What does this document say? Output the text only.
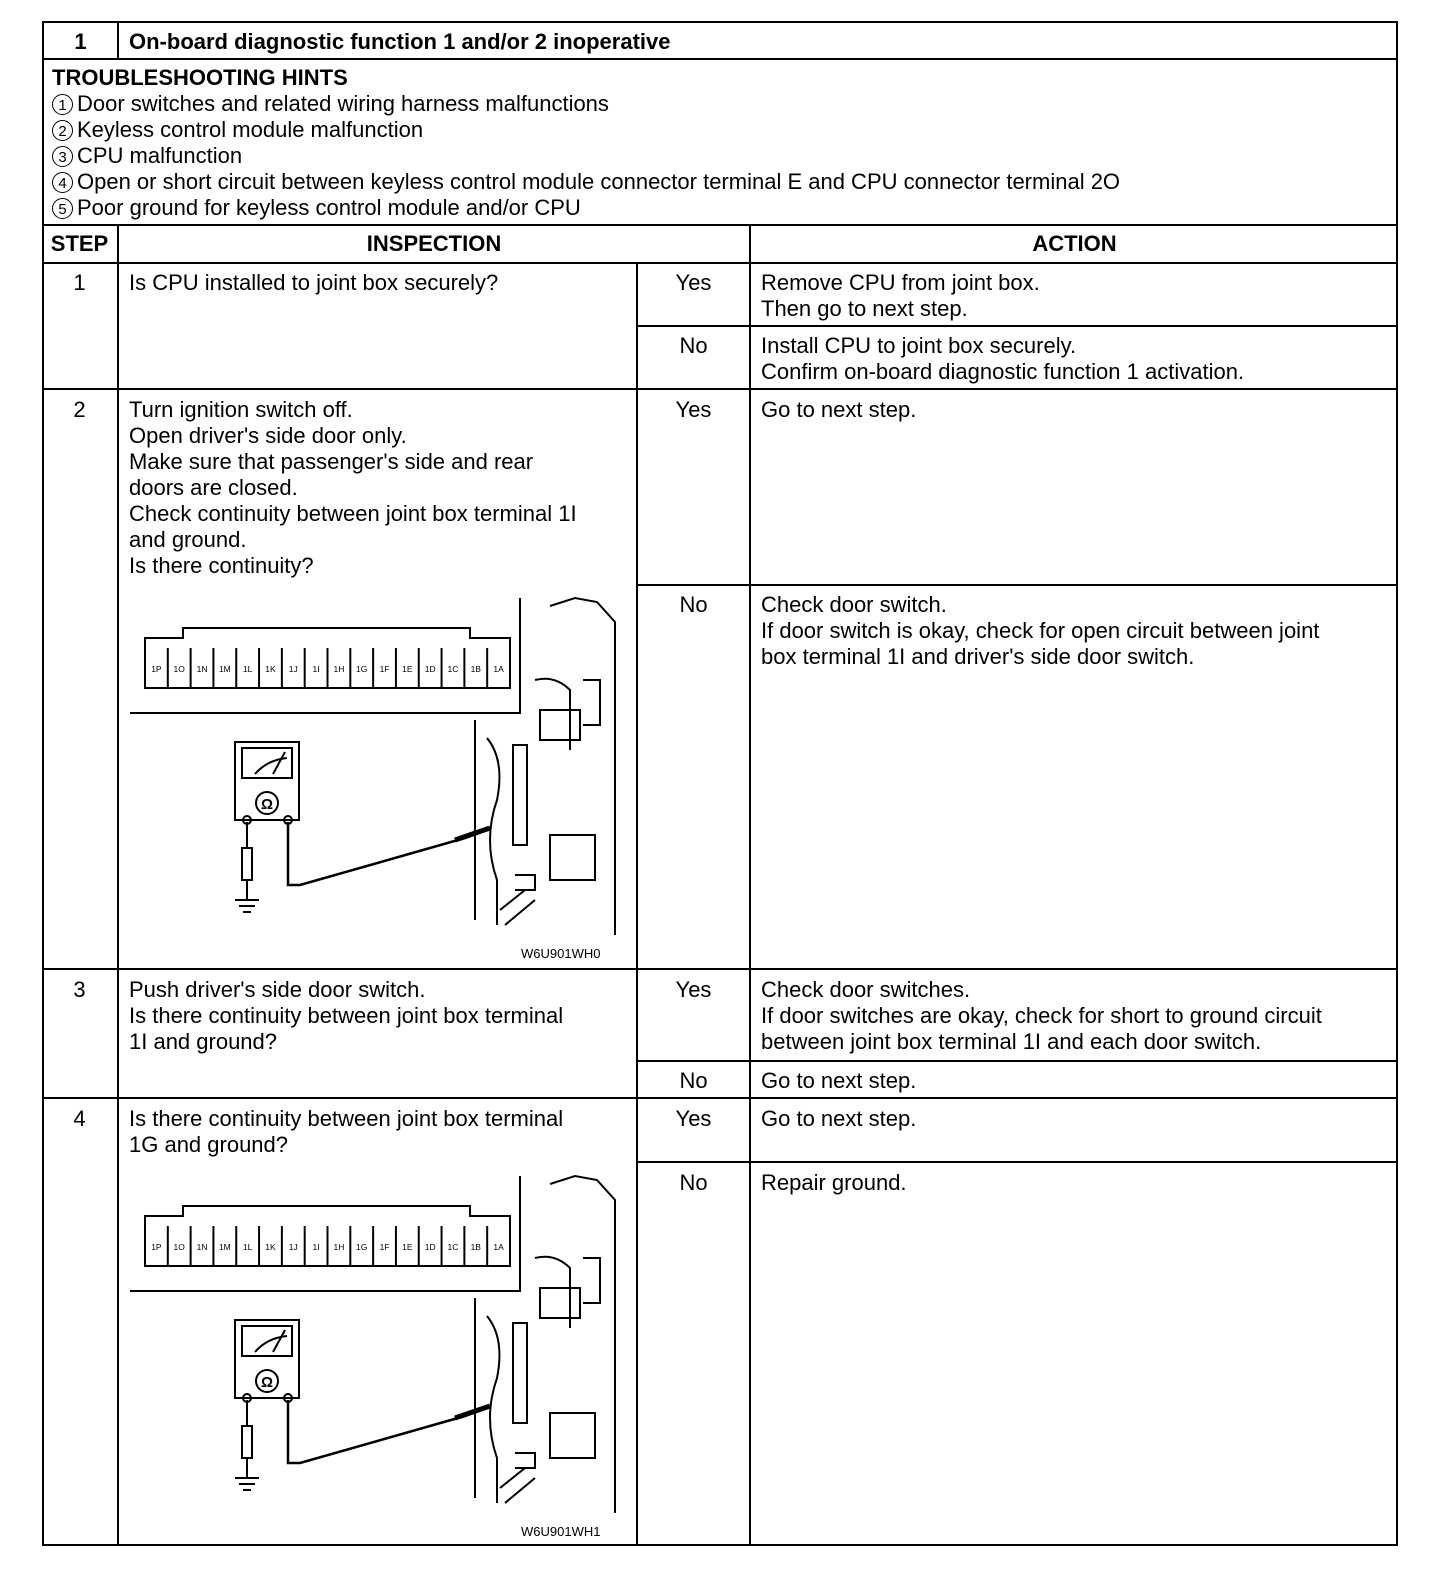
1	On-board diagnostic function 1 and/or 2 inoperative
TROUBLESHOOTING HINTS
1 Door switches and related wiring harness malfunctions
2 Keyless control module malfunction
3 CPU malfunction
4 Open or short circuit between keyless control module connector terminal E and CPU connector terminal 2O
5 Poor ground for keyless control module and/or CPU
STEP	INSPECTION	ACTION
1	Is CPU installed to joint box securely?	Yes	Remove CPU from joint box.
Then go to next step.
No	Install CPU to joint box securely.
Confirm on-board diagnostic function 1 activation.
2	Turn ignition switch off.
Open driver's side door only.
Make sure that passenger's side and rear
doors are closed.
Check continuity between joint box terminal 1I
and ground.
Is there continuity?
Yes	Go to next step.
No	Check door switch.
If door switch is okay, check for open circuit between joint
box terminal 1I and driver's side door switch.
1P 1O 1N 1M 1L 1K 1J 1I 1H 1G 1F 1E 1D 1C 1B 1A
Ω
W6U901WH0
3	Push driver's side door switch.
Is there continuity between joint box terminal
1I and ground?
Yes	Check door switches.
If door switches are okay, check for short to ground circuit
between joint box terminal 1I and each door switch.
No	Go to next step.
4	Is there continuity between joint box terminal
1G and ground?
Yes	Go to next step.
No	Repair ground.
1P 1O 1N 1M 1L 1K 1J 1I 1H 1G 1F 1E 1D 1C 1B 1A
Ω
W6U901WH1
